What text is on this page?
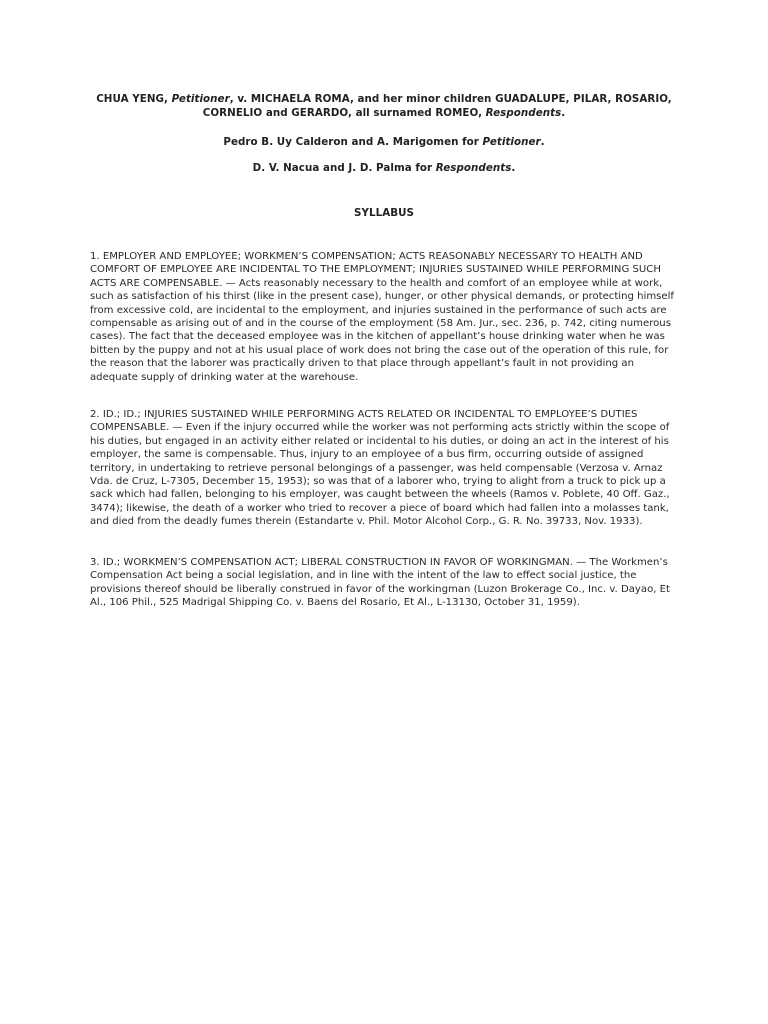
CHUA YENG, Petitioner, v. MICHAELA ROMA, and her minor children GUADALUPE, PILAR, ROSARIO, CORNELIO and GERARDO, all surnamed ROMEO, Respondents.
Pedro B. Uy Calderon and A. Marigomen for Petitioner.
D. V. Nacua and J. D. Palma for Respondents.
SYLLABUS

1. EMPLOYER AND EMPLOYEE; WORKMEN’S COMPENSATION; ACTS REASONABLY NECESSARY TO HEALTH AND COMFORT OF EMPLOYEE ARE INCIDENTAL TO THE EMPLOYMENT; INJURIES SUSTAINED WHILE PERFORMING SUCH ACTS ARE COMPENSABLE. — Acts reasonably necessary to the health and comfort of an employee while at work, such as satisfaction of his thirst (like in the present case), hunger, or other physical demands, or protecting himself from excessive cold, are incidental to the employment, and injuries sustained in the performance of such acts are compensable as arising out of and in the course of the employment (58 Am. Jur., sec. 236, p. 742, citing numerous cases). The fact that the deceased employee was in the kitchen of appellant’s house drinking water when he was bitten by the puppy and not at his usual place of work does not bring the case out of the operation of this rule, for the reason that the laborer was practically driven to that place through appellant’s fault in not providing an adequate supply of drinking water at the warehouse.

2. ID.; ID.; INJURIES SUSTAINED WHILE PERFORMING ACTS RELATED OR INCIDENTAL TO EMPLOYEE’S DUTIES COMPENSABLE. — Even if the injury occurred while the worker was not performing acts strictly within the scope of his duties, but engaged in an activity either related or incidental to his duties, or doing an act in the interest of his employer, the same is compensable. Thus, injury to an employee of a bus firm, occurring outside of assigned territory, in undertaking to retrieve personal belongings of a passenger, was held compensable (Verzosa v. Arnaz Vda. de Cruz, L-7305, December 15, 1953); so was that of a laborer who, trying to alight from a truck to pick up a sack which had fallen, belonging to his employer, was caught between the wheels (Ramos v. Poblete, 40 Off. Gaz., 3474); likewise, the death of a worker who tried to recover a piece of board which had fallen into a molasses tank, and died from the deadly fumes therein (Estandarte v. Phil. Motor Alcohol Corp., G. R. No. 39733, Nov. 1933).

3. ID.; WORKMEN’S COMPENSATION ACT; LIBERAL CONSTRUCTION IN FAVOR OF WORKINGMAN. — The Workmen’s Compensation Act being a social legislation, and in line with the intent of the law to effect social justice, the provisions thereof should be liberally construed in favor of the workingman (Luzon Brokerage Co., Inc. v. Dayao, Et Al., 106 Phil., 525 Madrigal Shipping Co. v. Baens del Rosario, Et Al., L-13130, October 31, 1959).
